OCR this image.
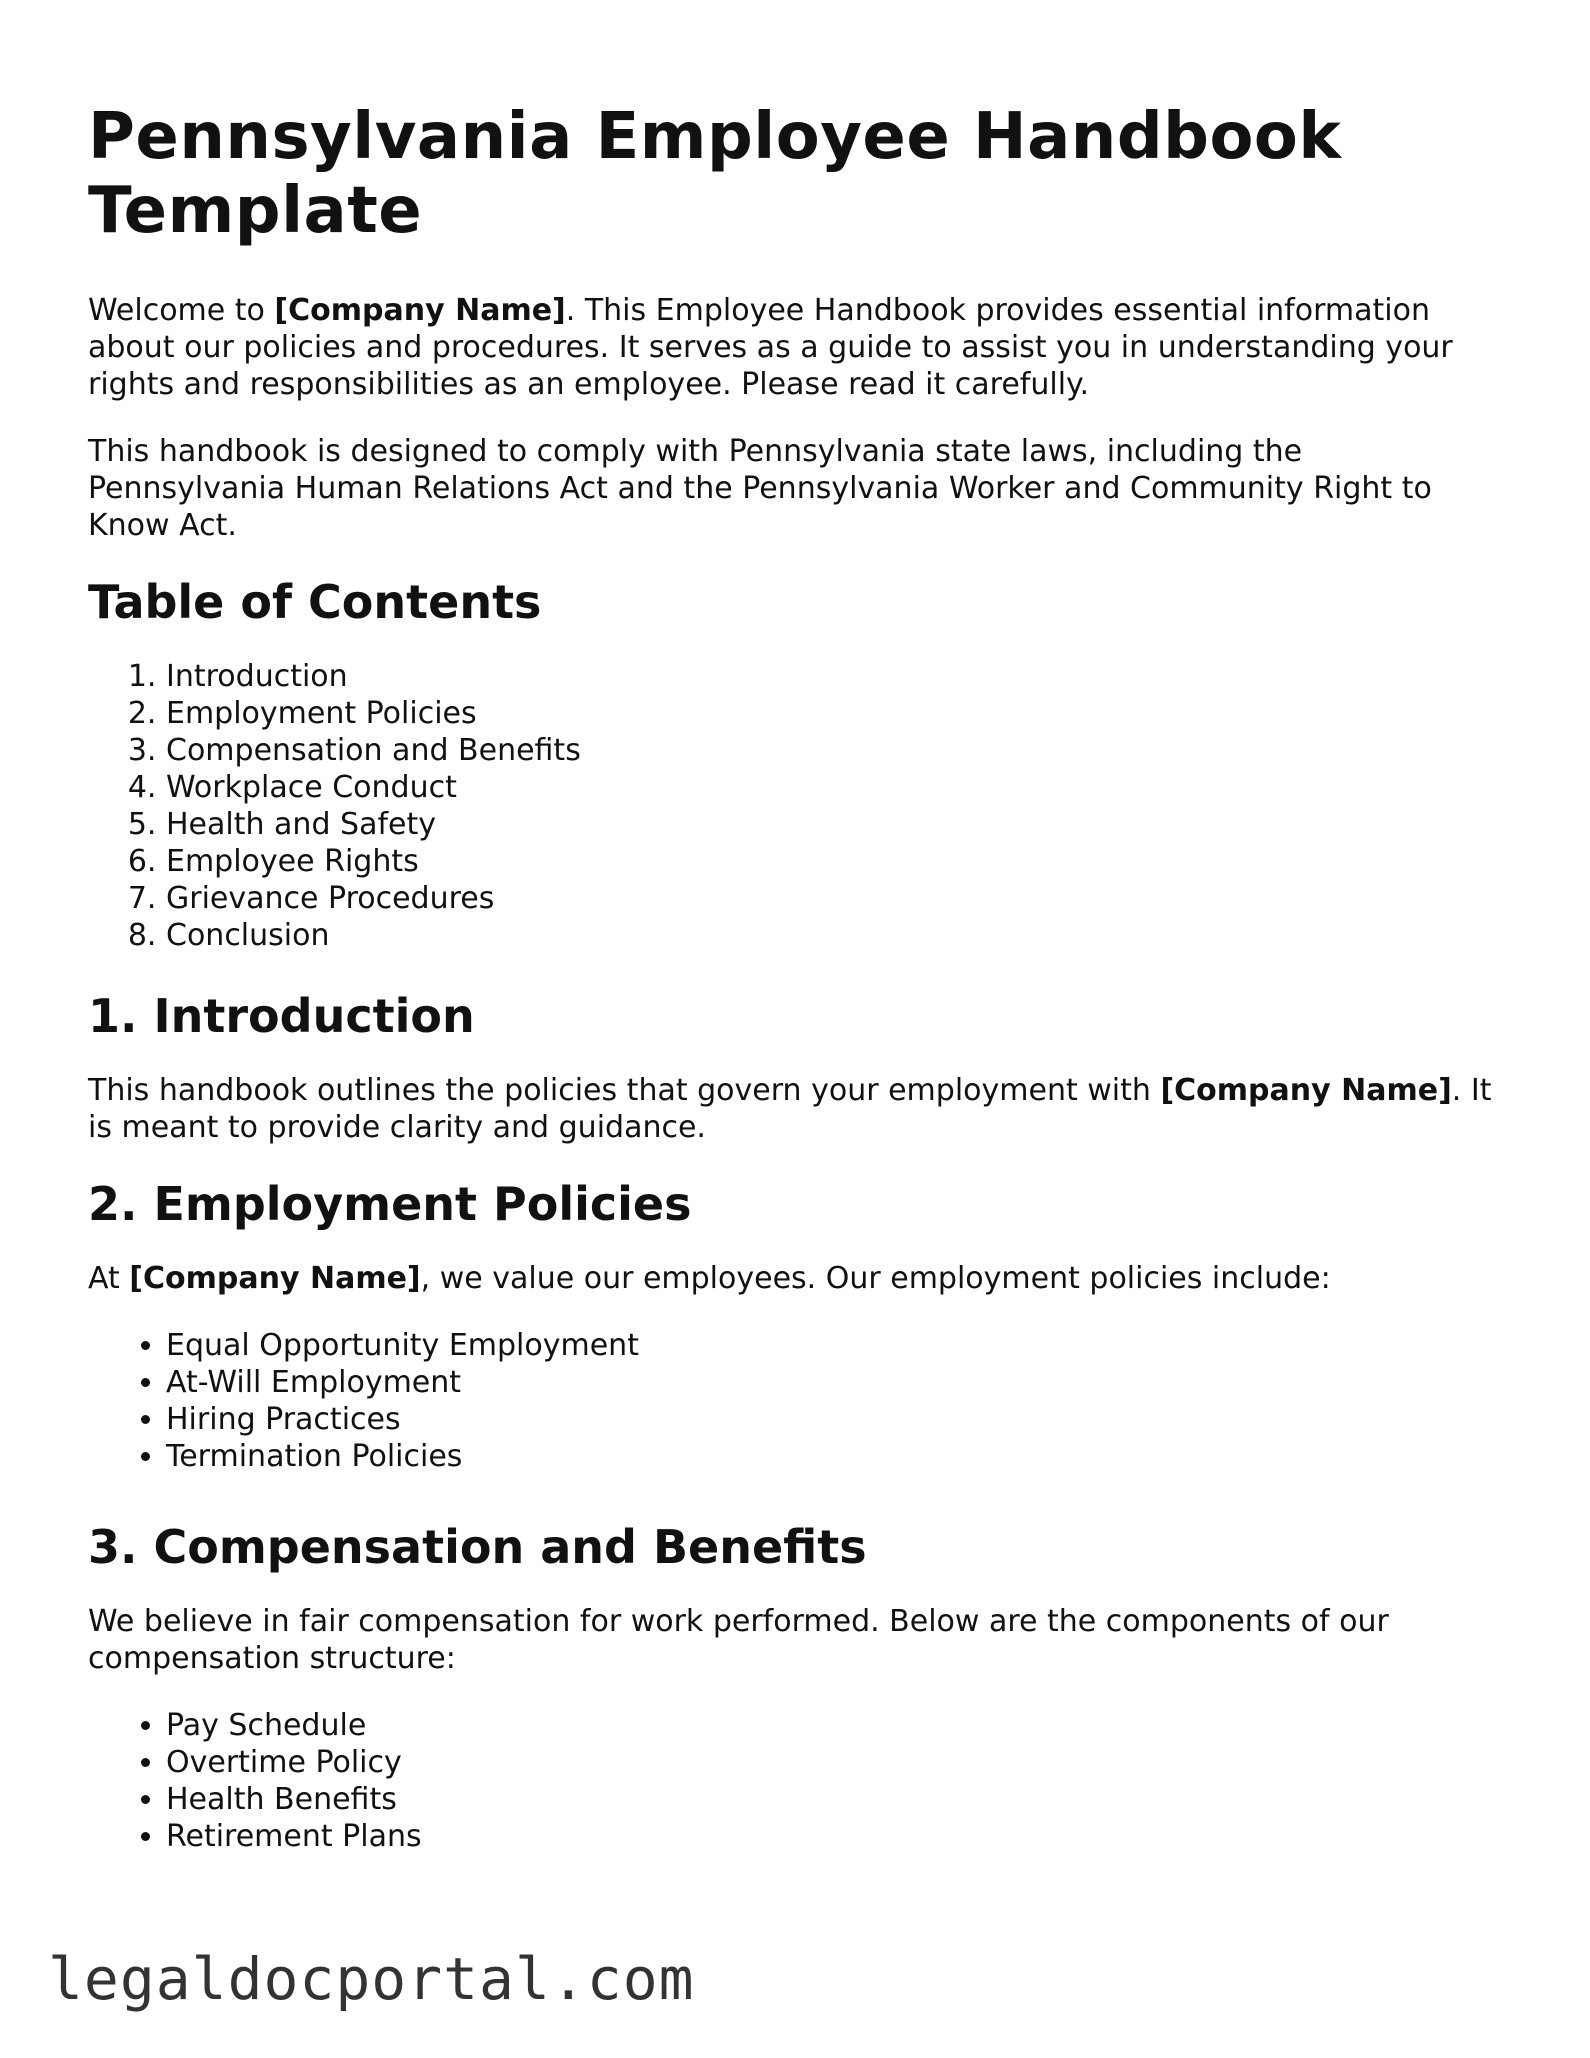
Pennsylvania Employee Handbook Template

Welcome to [Company Name]. This Employee Handbook provides essential information about our policies and procedures. It serves as a guide to assist you in understanding your rights and responsibilities as an employee. Please read it carefully.

This handbook is designed to comply with Pennsylvania state laws, including the Pennsylvania Human Relations Act and the Pennsylvania Worker and Community Right to Know Act.

Table of Contents
1. Introduction
2. Employment Policies
3. Compensation and Benefits
4. Workplace Conduct
5. Health and Safety
6. Employee Rights
7. Grievance Procedures
8. Conclusion
1. Introduction

This handbook outlines the policies that govern your employment with [Company Name]. It is meant to provide clarity and guidance.

2. Employment Policies

At [Company Name], we value our employees. Our employment policies include:

• Equal Opportunity Employment
• At-Will Employment
• Hiring Practices
• Termination Policies
3. Compensation and Benefits

We believe in fair compensation for work performed. Below are the components of our compensation structure:

• Pay Schedule
• Overtime Policy
• Health Benefits
• Retirement Plans
legaldocportal.com
